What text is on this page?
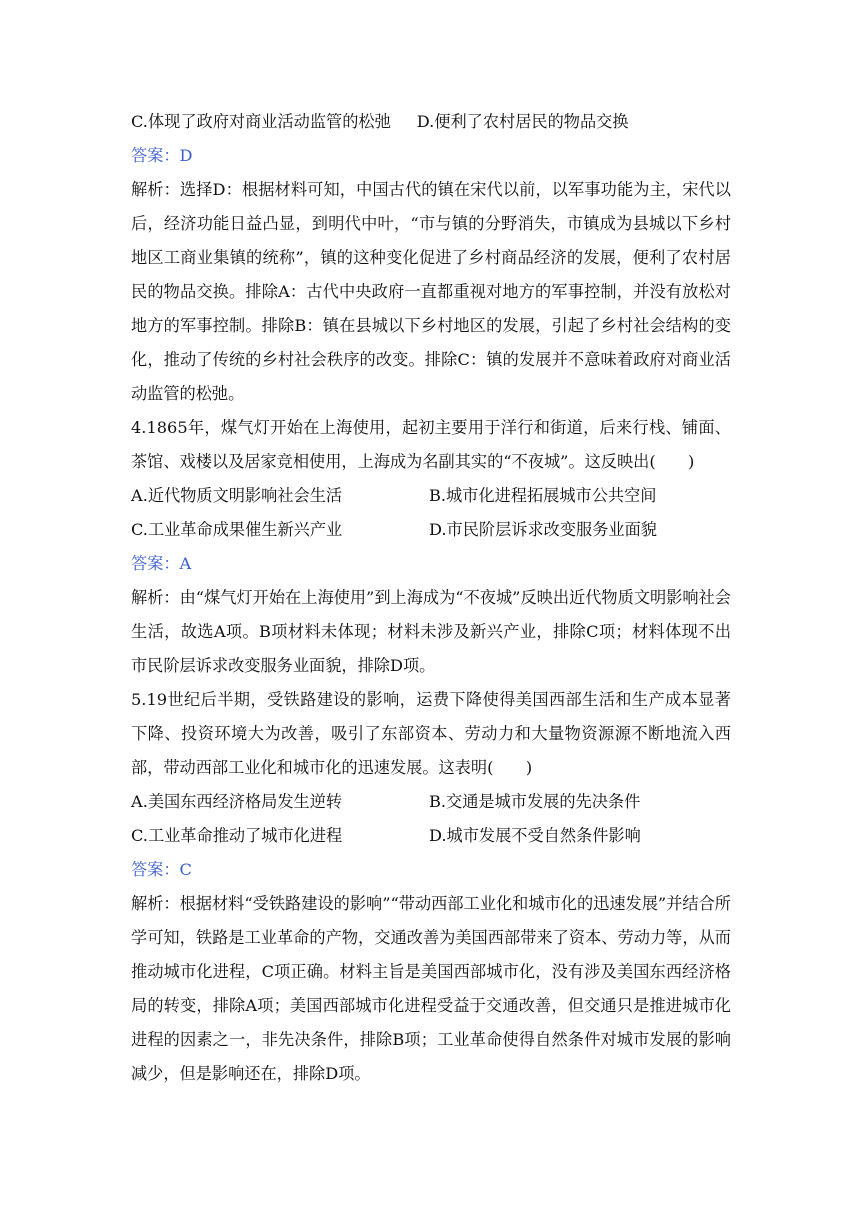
C.体现了政府对商业活动监管的松弛 D.便利了农村居民的物品交换
答案：D
解析：选择D：根据材料可知，中国古代的镇在宋代以前，以军事功能为主，宋代以后，经济功能日益凸显，到明代中叶，“市与镇的分野消失，市镇成为县城以下乡村地区工商业集镇的统称”，镇的这种变化促进了乡村商品经济的发展，便利了农村居民的物品交换。排除A：古代中央政府一直都重视对地方的军事控制，并没有放松对地方的军事控制。排除B：镇在县城以下乡村地区的发展，引起了乡村社会结构的变化，推动了传统的乡村社会秩序的改变。排除C：镇的发展并不意味着政府对商业活动监管的松弛。
4.1865年，煤气灯开始在上海使用，起初主要用于洋行和街道，后来行栈、铺面、茶馆、戏楼以及居家竞相使用，上海成为名副其实的“不夜城”。这反映出(　　)
A.近代物质文明影响社会生活	B.城市化进程拓展城市公共空间
C.工业革命成果催生新兴产业	D.市民阶层诉求改变服务业面貌
答案：A
解析：由“煤气灯开始在上海使用”到上海成为“不夜城”反映出近代物质文明影响社会生活，故选A项。B项材料未体现；材料未涉及新兴产业，排除C项；材料体现不出市民阶层诉求改变服务业面貌，排除D项。
5.19世纪后半期，受铁路建设的影响，运费下降使得美国西部生活和生产成本显著下降、投资环境大为改善，吸引了东部资本、劳动力和大量物资源源不断地流入西部，带动西部工业化和城市化的迅速发展。这表明(　　)
A.美国东西经济格局发生逆转	B.交通是城市发展的先决条件
C.工业革命推动了城市化进程	D.城市发展不受自然条件影响
答案：C
解析：根据材料“受铁路建设的影响”“带动西部工业化和城市化的迅速发展”并结合所学可知，铁路是工业革命的产物，交通改善为美国西部带来了资本、劳动力等，从而推动城市化进程，C项正确。材料主旨是美国西部城市化，没有涉及美国东西经济格局的转变，排除A项；美国西部城市化进程受益于交通改善，但交通只是推进城市化进程的因素之一，非先决条件，排除B项；工业革命使得自然条件对城市发展的影响减少，但是影响还在，排除D项。
